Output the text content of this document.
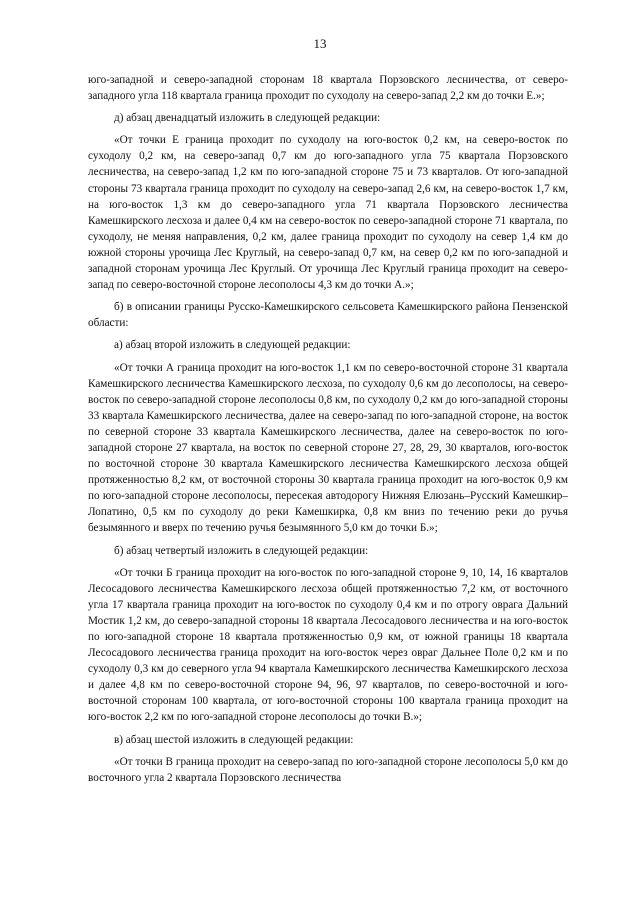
13

юго-западной и северо-западной сторонам 18 квартала Порзовского лесничества, от северо-западного угла 118 квартала граница проходит по суходолу на северо-запад 2,2 км до точки Е.»;

д) абзац двенадцатый изложить в следующей редакции:

«От точки Е граница проходит по суходолу на юго-восток 0,2 км, на северо-восток по суходолу 0,2 км, на северо-запад 0,7 км до юго-западного угла 75 квартала Порзовского лесничества, на северо-запад 1,2 км по юго-западной стороне 75 и 73 кварталов. От юго-западной стороны 73 квартала граница проходит по суходолу на северо-запад 2,6 км, на северо-восток 1,7 км, на юго-восток 1,3 км до северо-западного угла 71 квартала Порзовского лесничества Камешкирского лесхоза и далее 0,4 км на северо-восток по северо-западной стороне 71 квартала, по суходолу, не меняя направления, 0,2 км, далее граница проходит по суходолу на север 1,4 км до южной стороны урочища Лес Круглый, на северо-запад 0,7 км, на север 0,2 км по юго-западной и западной сторонам урочища Лес Круглый. От урочища Лес Круглый граница проходит на северо-запад по северо-восточной стороне лесополосы 4,3 км до точки А.»;

б) в описании границы Русско-Камешкирского сельсовета Камешкирского района Пензенской области:

а) абзац второй изложить в следующей редакции:

«От точки А граница проходит на юго-восток 1,1 км по северо-восточной стороне 31 квартала Камешкирского лесничества Камешкирского лесхоза, по суходолу 0,6 км до лесополосы, на северо-восток по северо-западной стороне лесополосы 0,8 км, по суходолу 0,2 км до юго-западной стороны 33 квартала Камешкирского лесничества, далее на северо-запад по юго-западной стороне, на восток по северной стороне 33 квартала Камешкирского лесничества, далее на северо-восток по юго-западной стороне 27 квартала, на восток по северной стороне 27, 28, 29, 30 кварталов, юго-восток по восточной стороне 30 квартала Камешкирского лесничества Камешкирского лесхоза общей протяженностью 8,2 км, от восточной стороны 30 квартала граница проходит на юго-восток 0,9 км по юго-западной стороне лесополосы, пересекая автодорогу Нижняя Елюзань–Русский Камешкир–Лопатино, 0,5 км по суходолу до реки Камешкирка, 0,8 км вниз по течению реки до ручья безымянного и вверх по течению ручья безымянного 5,0 км до точки Б.»;

б) абзац четвертый изложить в следующей редакции:

«От точки Б граница проходит на юго-восток по юго-западной стороне 9, 10, 14, 16 кварталов Лесосадового лесничества Камешкирского лесхоза общей протяженностью 7,2 км, от восточного угла 17 квартала граница проходит на юго-восток по суходолу 0,4 км и по отрогу оврага Дальний Мостик 1,2 км, до северо-западной стороны 18 квартала Лесосадового лесничества и на юго-восток по юго-западной стороне 18 квартала протяженностью 0,9 км, от южной границы 18 квартала Лесосадового лесничества граница проходит на юго-восток через овраг Дальнее Поле 0,2 км и по суходолу 0,3 км до северного угла 94 квартала Камешкирского лесничества Камешкирского лесхоза и далее 4,8 км по северо-восточной стороне 94, 96, 97 кварталов, по северо-восточной и юго-восточной сторонам 100 квартала, от юго-восточной стороны 100 квартала граница проходит на юго-восток 2,2 км по юго-западной стороне лесополосы до точки В.»;

в) абзац шестой изложить в следующей редакции:

«От точки В граница проходит на северо-запад по юго-западной стороне лесополосы 5,0 км до восточного угла 2 квартала Порзовского лесничества
